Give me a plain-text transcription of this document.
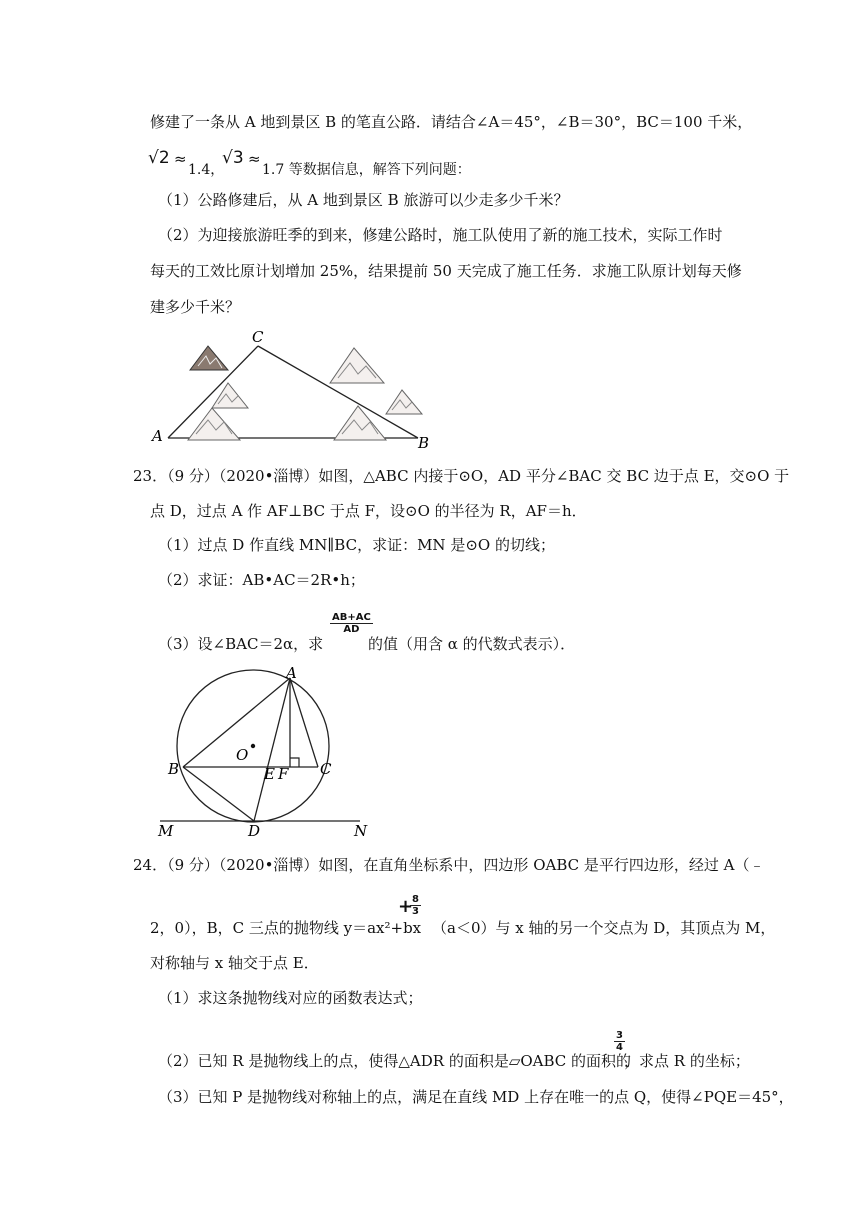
修建了一条从 A 地到景区 B 的笔直公路．请结合∠A＝45°，∠B＝30°，BC＝100 千米，
√2 ≈
1.4，
√3 ≈
1.7 等数据信息，解答下列问题：
（1）公路修建后，从 A 地到景区 B 旅游可以少走多少千米？
（2）为迎接旅游旺季的到来，修建公路时，施工队使用了新的施工技术，实际工作时
每天的工效比原计划增加 25%，结果提前 50 天完成了施工任务．求施工队原计划每天修
建多少千米？
A
C
B
23．（9 分）（2020•淄博）如图，△ABC 内接于⊙O，AD 平分∠BAC 交 BC 边于点 E，交⊙O 于
点 D，过点 A 作 AF⊥BC 于点 F，设⊙O 的半径为 R，AF＝h．
（1）过点 D 作直线 MN∥BC，求证：MN 是⊙O 的切线；
（2）求证：AB•AC＝2R•h；
（3）设∠BAC＝2α，求
$\frac{AB+AC}{AD}$
的值（用含 α 的代数式表示）．
A
B	C
O
E F
D
M	N
24．（9 分）（2020•淄博）如图，在直角坐标系中，四边形 OABC 是平行四边形，经过 A（﹣
2，0），B，C 三点的抛物线 y＝ax²+bx
+
$\frac{8}{3}$
（a＜0）与 x 轴的另一个交点为 D，其顶点为 M，
对称轴与 x 轴交于点 E．
（1）求这条抛物线对应的函数表达式；
（2）已知 R 是抛物线上的点，使得△ADR 的面积是▱OABC 的面积的
$\frac{3}{4}$
，求点 R 的坐标；
（3）已知 P 是抛物线对称轴上的点，满足在直线 MD 上存在唯一的点 Q，使得∠PQE＝45°，
